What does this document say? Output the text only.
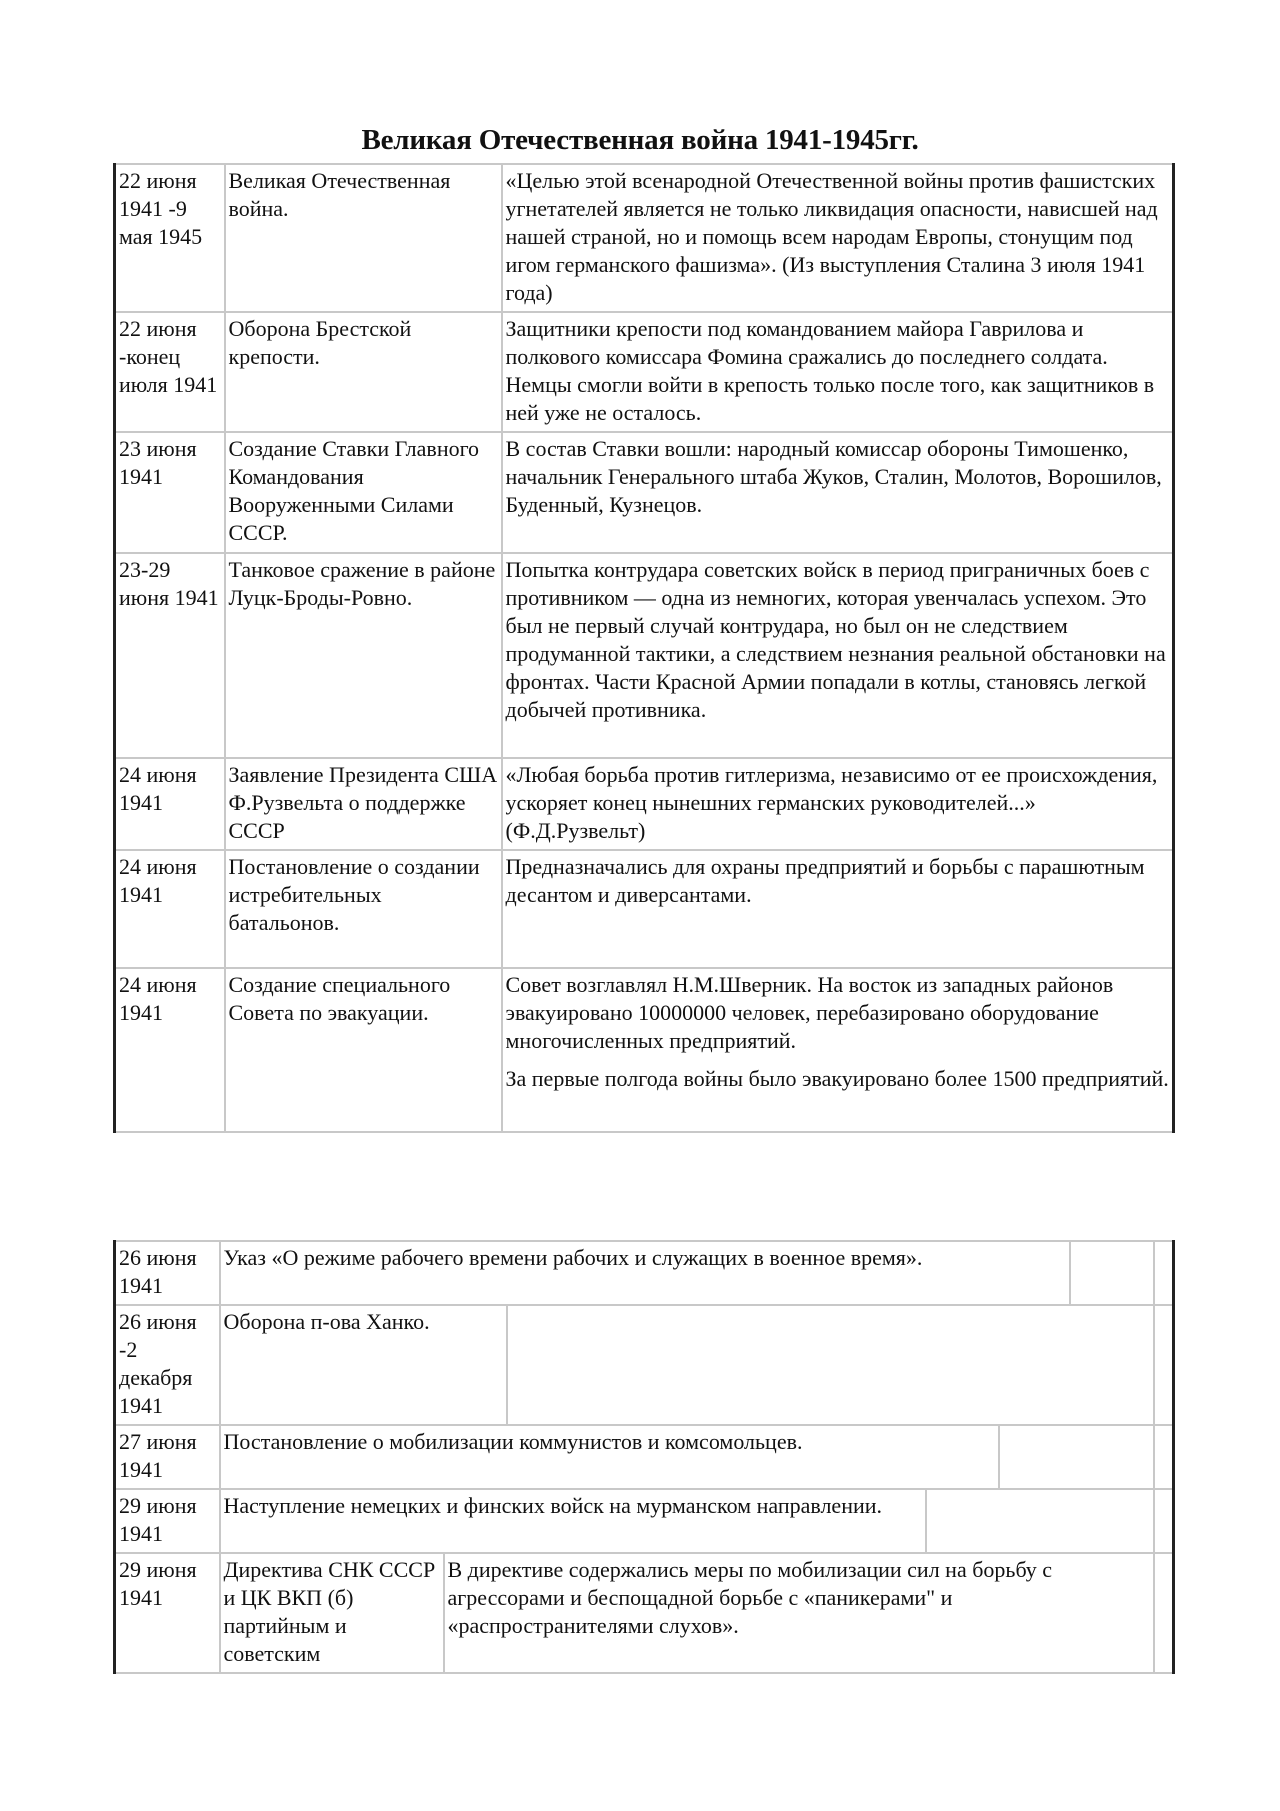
Великая Отечественная война 1941-1945гг.
22 июня 1941 -9 мая 1945	Великая Отечественная война.	«Целью этой всенародной Отечественной войны против фашистских угнетателей является не только ликвидация опасности, нависшей над нашей страной, но и помощь всем народам Европы, стонущим под игом германского фашизма». (Из выступления Сталина 3 июля 1941 года)

22 июня -конец июля 1941	Оборона Брестской крепости.	Защитники крепости под командованием майора Гаврилова и полкового комиссара Фомина сражались до последнего солдата. Немцы смогли войти в крепость только после того, как защитников в ней уже не осталось.

23 июня 1941	Создание Ставки Главного Командования Вооруженными Силами СССР.	В состав Ставки вошли: народный комиссар обороны Тимошенко, начальник Генерального штаба Жуков, Сталин, Молотов, Ворошилов, Буденный, Кузнецов.

23-29 июня 1941	Танковое сражение в районе Луцк-Броды-Ровно.	Попытка контрудара советских войск в период приграничных боев с противником — одна из немногих, которая увенчалась успехом. Это был не первый случай контрудара, но был он не следствием продуманной тактики, а следствием незнания реальной обстановки на фронтах. Части Красной Армии попадали в котлы, становясь легкой добычей противника.

24 июня 1941	Заявление Президента США Ф.Рузвельта о поддержке СССР	«Любая борьба против гитлеризма, независимо от ее происхождения, ускоряет конец нынешних германских руководителей...» (Ф.Д.Рузвельт)

24 июня 1941	Постановление о создании истребительных батальонов.	Предназначались для охраны предприятий и борьбы с парашютным десантом и диверсантами.

24 июня 1941	Создание специального Совета по эвакуации.	Совет возглавлял Н.М.Шверник. На восток из западных районов эвакуировано 10000000 человек, перебазировано оборудование многочисленных предприятий.

За первые полгода войны было эвакуировано более 1500 предприятий.

26 июня 1941	Указ «О режиме рабочего времени рабочих и служащих в военное время».						
26 июня -2 декабря 1941	Оборона п-ова Ханко.						
27 июня 1941	Постановление о мобилизации коммунистов и комсомольцев.						
29 июня 1941	Наступление немецких и финских войск на мурманском направлении.						
29 июня 1941	Директива СНК СССР и ЦК ВКП (б) партийным и советским	В директиве содержались меры по мобилизации сил на борьбу с агрессорами и беспощадной борьбе с «паникерами" и «распространителями слухов».					
